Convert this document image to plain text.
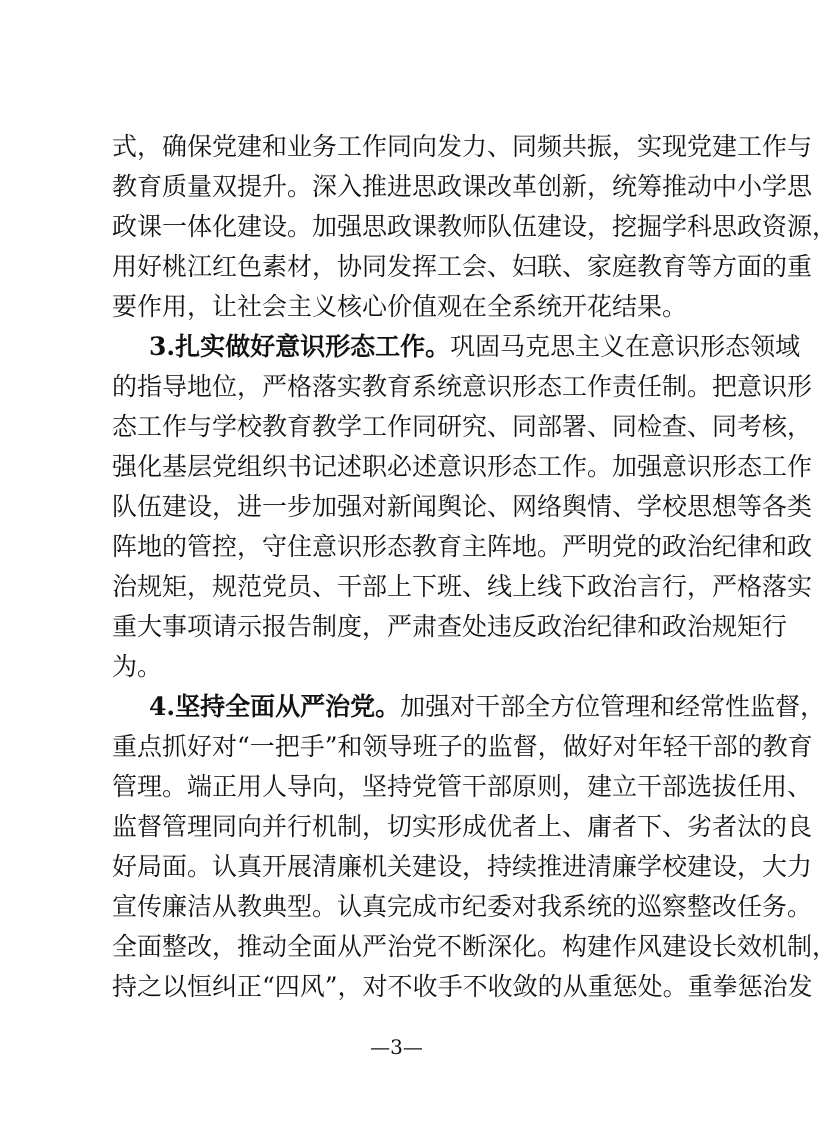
式，确保党建和业务工作同向发力、同频共振，实现党建工作与
教育质量双提升。深入推进思政课改革创新，统筹推动中小学思
政课一体化建设。加强思政课教师队伍建设，挖掘学科思政资源，
用好桃江红色素材，协同发挥工会、妇联、家庭教育等方面的重
要作用，让社会主义核心价值观在全系统开花结果。
3.扎实做好意识形态工作。巩固马克思主义在意识形态领域
的指导地位，严格落实教育系统意识形态工作责任制。把意识形
态工作与学校教育教学工作同研究、同部署、同检查、同考核，
强化基层党组织书记述职必述意识形态工作。加强意识形态工作
队伍建设，进一步加强对新闻舆论、网络舆情、学校思想等各类
阵地的管控，守住意识形态教育主阵地。严明党的政治纪律和政
治规矩，规范党员、干部上下班、线上线下政治言行，严格落实
重大事项请示报告制度，严肃查处违反政治纪律和政治规矩行
为。
4.坚持全面从严治党。加强对干部全方位管理和经常性监督，
重点抓好对“一把手”和领导班子的监督，做好对年轻干部的教育
管理。端正用人导向，坚持党管干部原则，建立干部选拔任用、
监督管理同向并行机制，切实形成优者上、庸者下、劣者汰的良
好局面。认真开展清廉机关建设，持续推进清廉学校建设，大力
宣传廉洁从教典型。认真完成市纪委对我系统的巡察整改任务。
全面整改，推动全面从严治党不断深化。构建作风建设长效机制，
持之以恒纠正“四风”，对不收手不收敛的从重惩处。重拳惩治发
—3—
